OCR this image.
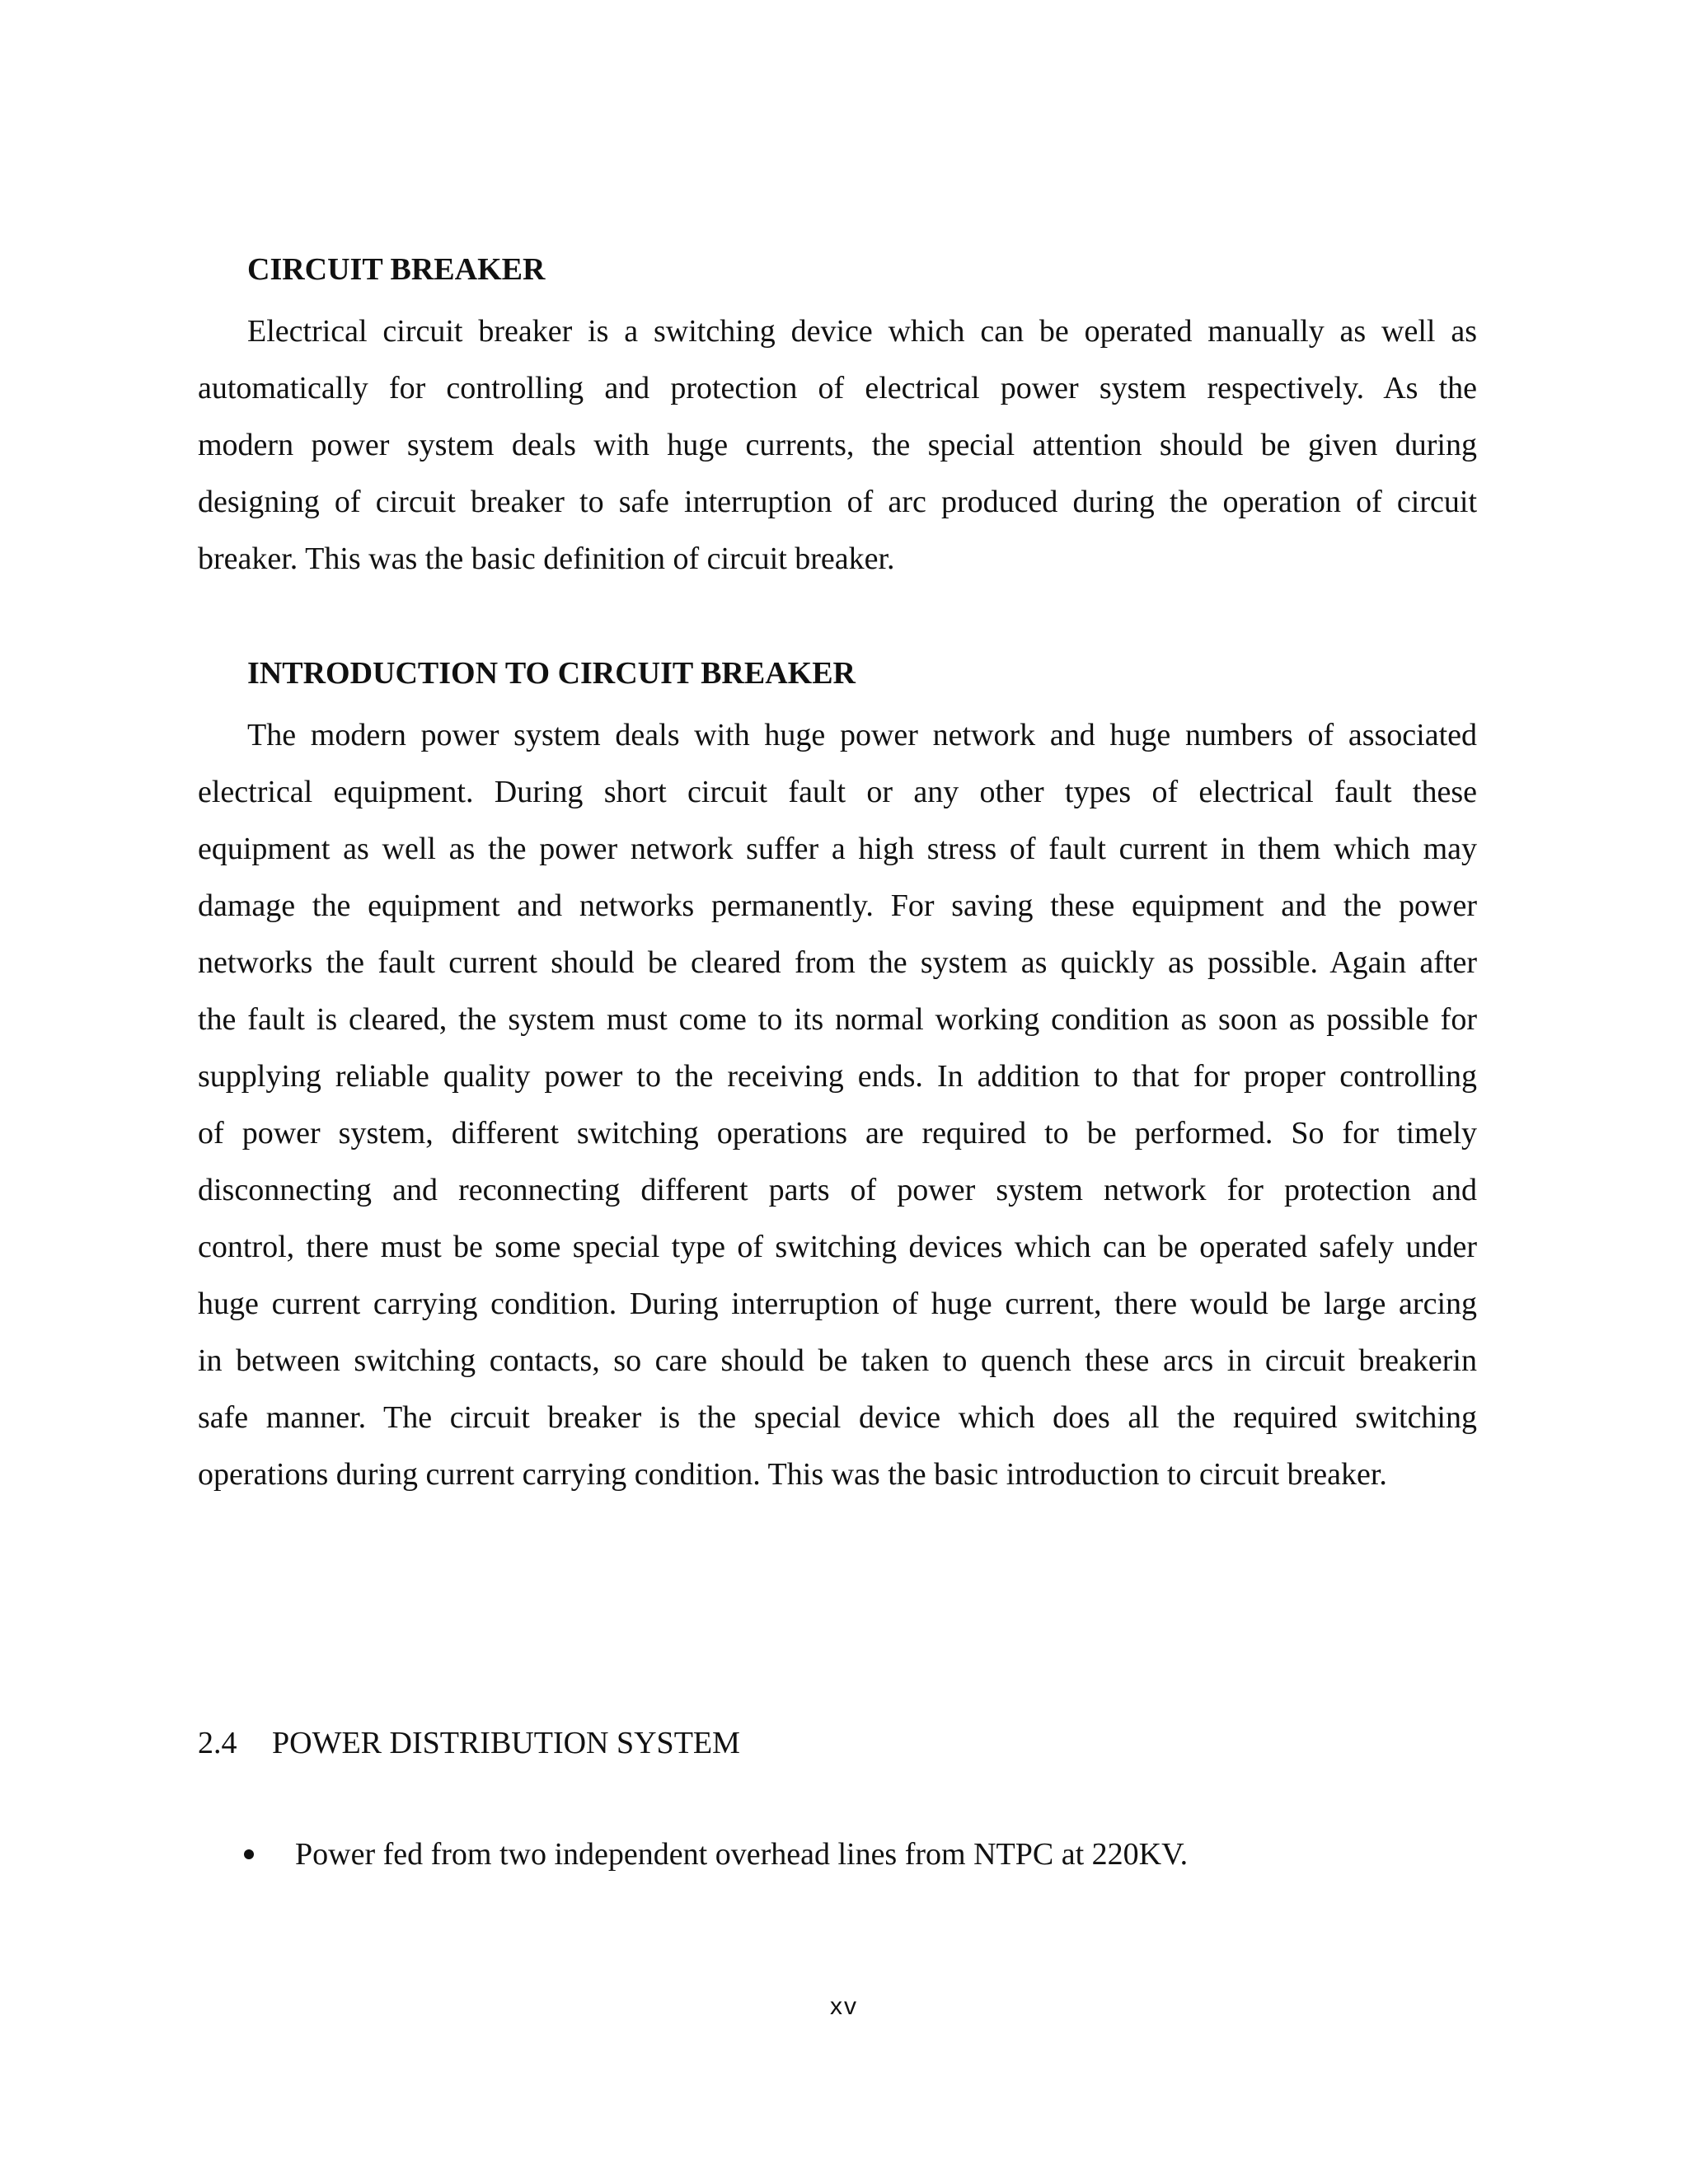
CIRCUIT BREAKER
Electrical circuit breaker is a switching device which can be operated manually as well as
automatically for controlling and protection of electrical power system respectively. As the
modern power system deals with huge currents, the special attention should be given during
designing of circuit breaker to safe interruption of arc produced during the operation of circuit
breaker. This was the basic definition of circuit breaker.
INTRODUCTION TO CIRCUIT BREAKER
The modern power system deals with huge power network and huge numbers of associated
electrical equipment. During short circuit fault or any other types of electrical fault these
equipment as well as the power network suffer a high stress of fault current in them which may
damage the equipment and networks permanently. For saving these equipment and the power
networks the fault current should be cleared from the system as quickly as possible. Again after
the fault is cleared, the system must come to its normal working condition as soon as possible for
supplying reliable quality power to the receiving ends. In addition to that for proper controlling
of power system, different switching operations are required to be performed. So for timely
disconnecting and reconnecting different parts of power system network for protection and
control, there must be some special type of switching devices which can be operated safely under
huge current carrying condition. During interruption of huge current, there would be large arcing
in between switching contacts, so care should be taken to quench these arcs in circuit breakerin
safe manner. The circuit breaker is the special device which does all the required switching
operations during current carrying condition. This was the basic introduction to circuit breaker.
2.4 POWER DISTRIBUTION SYSTEM
Power fed from two independent overhead lines from NTPC at 220KV.
xv
